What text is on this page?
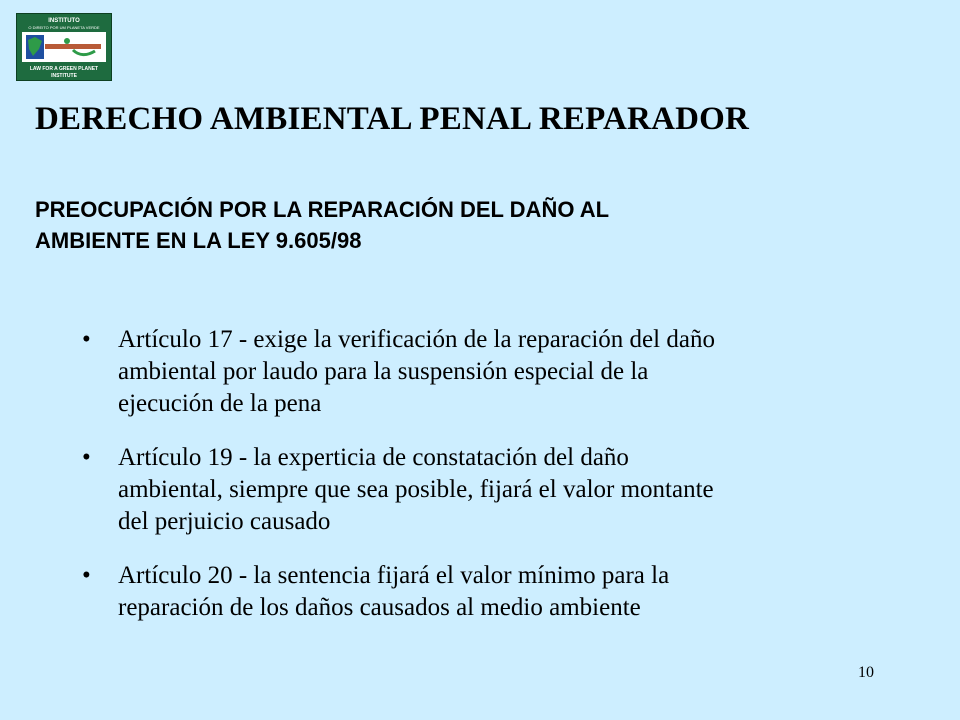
INSTITUTO
O DIREITO POR UM PLANETA VERDE
LAW FOR A GREEN PLANET
INSTITUTE
DERECHO AMBIENTAL PENAL REPARADOR
PREOCUPACIÓN POR LA REPARACIÓN DEL DAÑO AL
AMBIENTE EN LA LEY 9.605/98
• Artículo 17 - exige la verificación de la reparación del daño
ambiental por laudo para la suspensión especial de la
ejecución de la pena
• Artículo 19 - la experticia de constatación del daño
ambiental, siempre que sea posible, fijará el valor montante
del perjuicio causado
• Artículo 20 - la sentencia fijará el valor mínimo para la
reparación de los daños causados al medio ambiente
10
